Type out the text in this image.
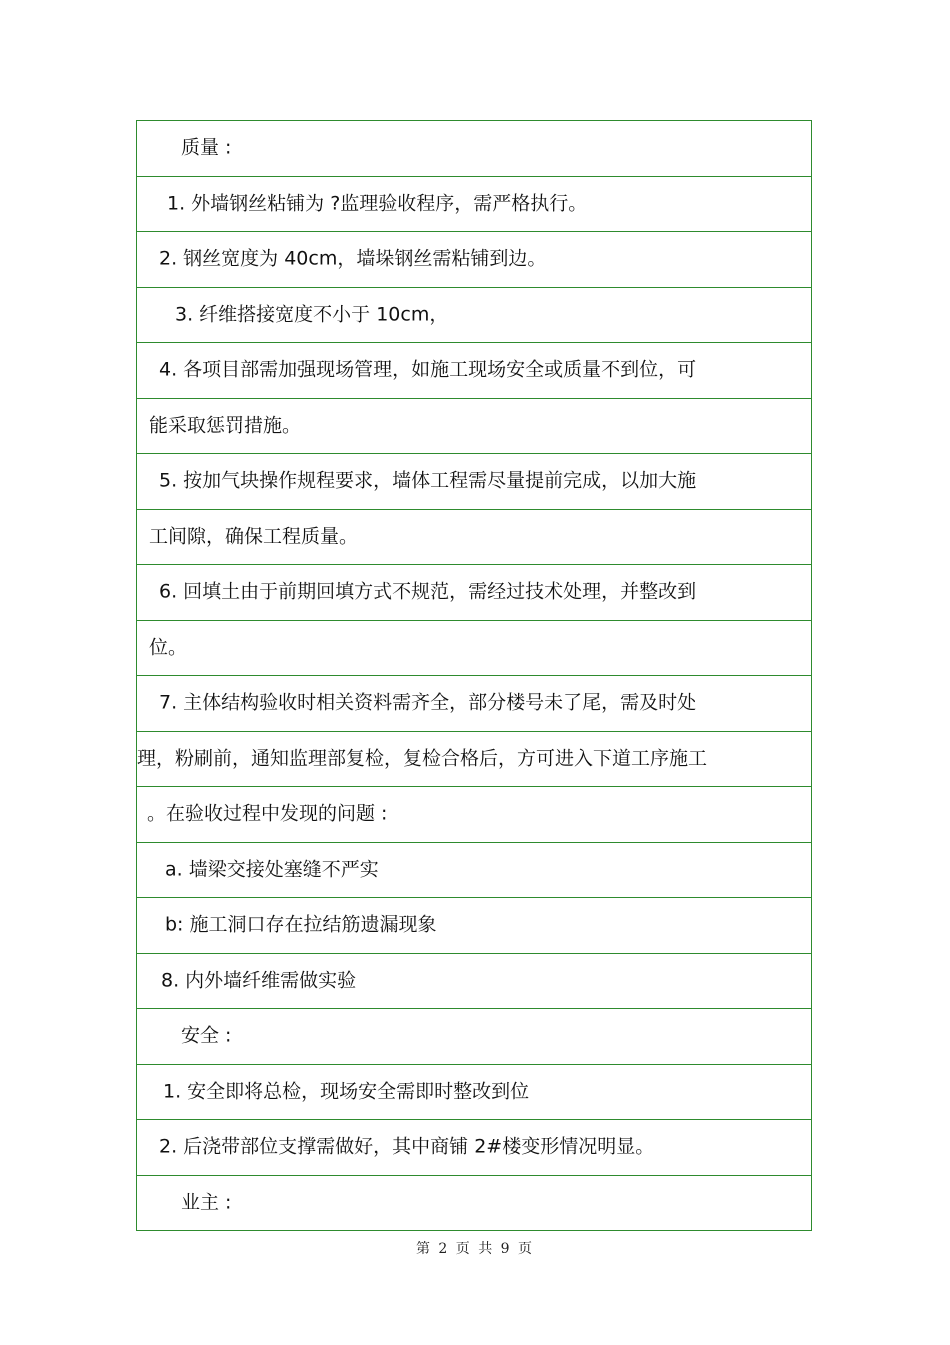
质量 :
1. 外墙钢丝粘铺为 ?监理验收程序，需严格执行。
2. 钢丝宽度为 40cm，墙垛钢丝需粘铺到边。
3. 纤维搭接宽度不小于 10cm，
4. 各项目部需加强现场管理，如施工现场安全或质量不到位，可
能采取惩罚措施。
5. 按加气块操作规程要求，墙体工程需尽量提前完成，以加大施
工间隙，确保工程质量。
6. 回填土由于前期回填方式不规范，需经过技术处理，并整改到
位。
7. 主体结构验收时相关资料需齐全，部分楼号未了尾，需及时处
理，粉刷前，通知监理部复检，复检合格后，方可进入下道工序施工
。在验收过程中发现的问题 :
a. 墙梁交接处塞缝不严实
b: 施工洞口存在拉结筋遗漏现象
8. 内外墙纤维需做实验
安全 :
1. 安全即将总检，现场安全需即时整改到位
2. 后浇带部位支撑需做好，其中商铺 2#楼变形情况明显。
业主 :
第 2 页 共 9 页
